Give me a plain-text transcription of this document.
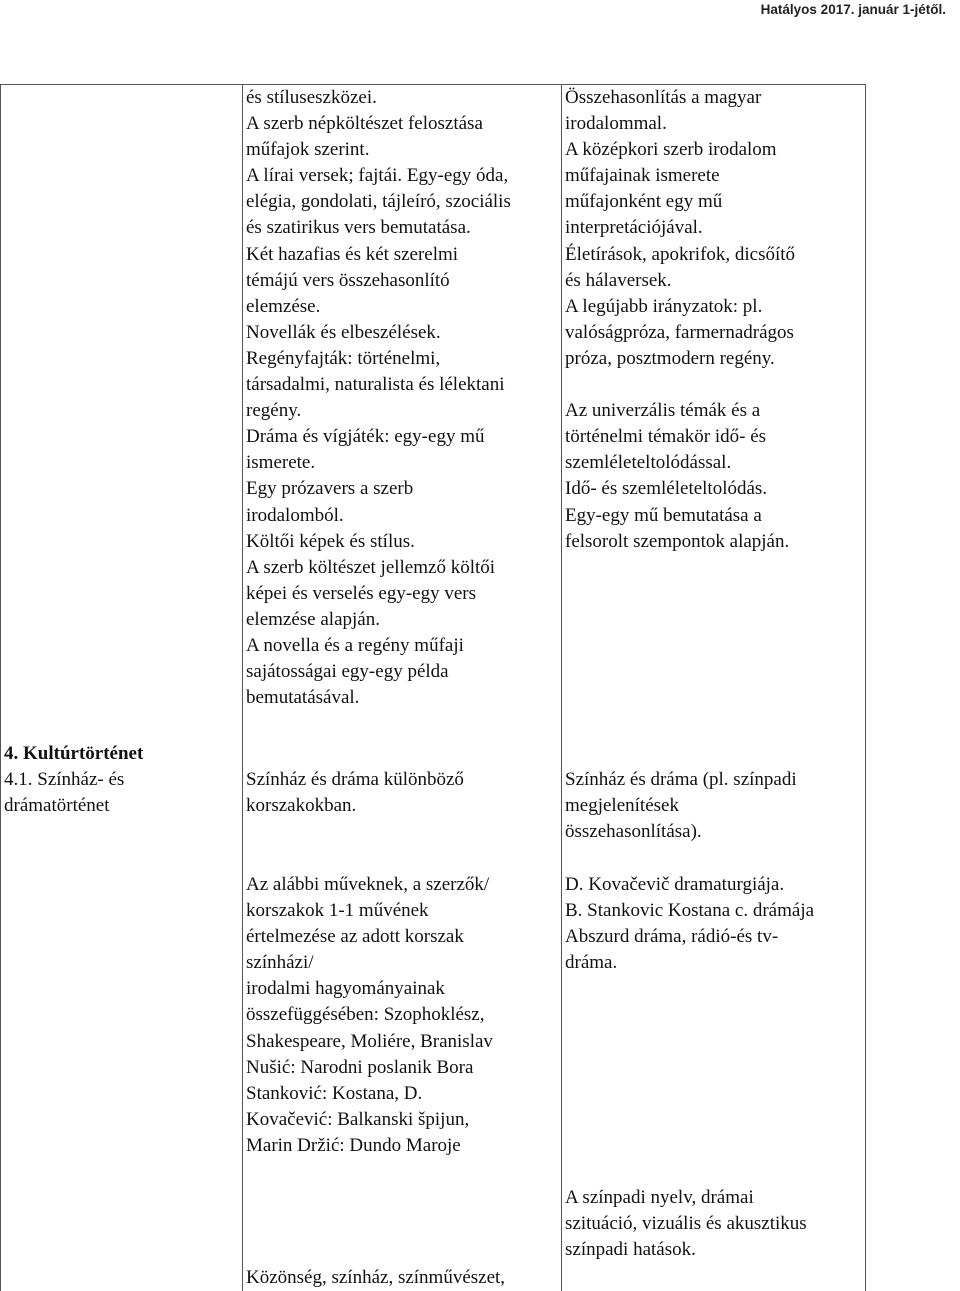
Hatályos 2017. január 1-jétől.
és stíluseszközei.
A szerb népköltészet felosztása
műfajok szerint.
A lírai versek; fajtái. Egy-egy óda,
elégia, gondolati, tájleíró, szociális
és szatirikus vers bemutatása.
Két hazafias és két szerelmi
témájú vers összehasonlító
elemzése.
Novellák és elbeszélések.
Regényfajták: történelmi,
társadalmi, naturalista és lélektani
regény.
Dráma és vígjáték: egy-egy mű
ismerete.
Egy prózavers a szerb
irodalomból.
Költői képek és stílus.
A szerb költészet jellemző költői
képei és verselés egy-egy vers
elemzése alapján.
A novella és a regény műfaji
sajátosságai egy-egy példa
bemutatásával.
Összehasonlítás a magyar
irodalommal.
A középkori szerb irodalom
műfajainak ismerete
műfajonként egy mű
interpretációjával.
Életírások, apokrifok, dicsőítő
és hálaversek.
A legújabb irányzatok: pl.
valóságpróza, farmernadrágos
próza, posztmodern regény.

Az univerzális témák és a
történelmi témakör idő- és
szemléleteltolódással.
Idő- és szemléleteltolódás.
Egy-egy mű bemutatása a
felsorolt szempontok alapján.
4. Kultúrtörténet
4.1. Színház- és
drámatörténet
Színház és dráma különböző
korszakokban.
Színház és dráma (pl. színpadi
megjelenítések
összehasonlítása).
Az alábbi műveknek, a szerzők/
korszakok 1-1 művének
értelmezése az adott korszak
színházi/
irodalmi hagyományainak
összefüggésében: Szophoklész,
Shakespeare, Moliére, Branislav
Nušić: Narodni poslanik Bora
Stanković: Kostana, D.
Kovačević: Balkanski špijun,
Marin Držić: Dundo Maroje
D. Kovačevič dramaturgiája.
B. Stankovic Kostana c. drámája
Abszurd dráma, rádió-és tv-
dráma.
A színpadi nyelv, drámai
szituáció, vizuális és akusztikus
színpadi hatások.
Közönség, színház, színművészet,
